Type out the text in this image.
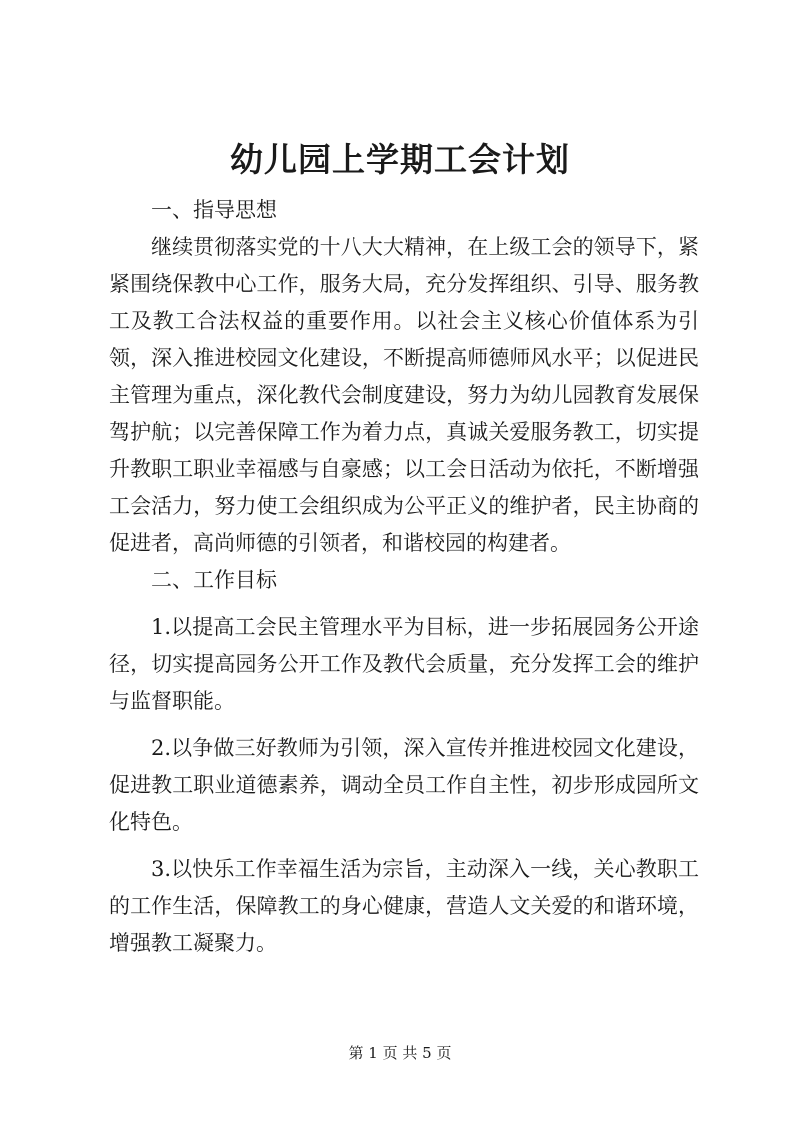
幼儿园上学期工会计划

一、指导思想

继续贯彻落实党的十八大大精神，在上级工会的领导下，紧紧围绕保教中心工作，服务大局，充分发挥组织、引导、服务教工及教工合法权益的重要作用。以社会主义核心价值体系为引领，深入推进校园文化建设，不断提高师德师风水平；以促进民主管理为重点，深化教代会制度建设，努力为幼儿园教育发展保驾护航；以完善保障工作为着力点，真诚关爱服务教工，切实提升教职工职业幸福感与自豪感；以工会日活动为依托，不断增强工会活力，努力使工会组织成为公平正义的维护者，民主协商的促进者，高尚师德的引领者，和谐校园的构建者。

二、工作目标

1.以提高工会民主管理水平为目标，进一步拓展园务公开途径，切实提高园务公开工作及教代会质量，充分发挥工会的维护与监督职能。

2.以争做三好教师为引领，深入宣传并推进校园文化建设，促进教工职业道德素养，调动全员工作自主性，初步形成园所文化特色。

3.以快乐工作幸福生活为宗旨，主动深入一线，关心教职工的工作生活，保障教工的身心健康，营造人文关爱的和谐环境，增强教工凝聚力。

第 1 页 共 5 页
